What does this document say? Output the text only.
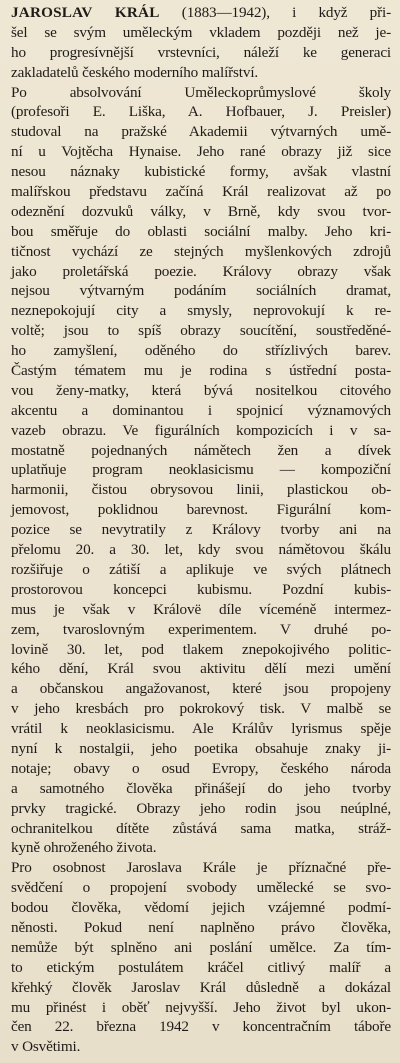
JAROSLAV KRÁL (1883—1942), i když při-
šel se svým uměleckým vkladem později než je-
ho progresívnější vrstevníci, náleží ke generaci
zakladatelů českého moderního malířství.
Po absolvování Uměleckoprůmyslové školy
(profesoři E. Liška, A. Hofbauer, J. Preisler)
studoval na pražské Akademii výtvarných umě-
ní u Vojtěcha Hynaise. Jeho rané obrazy již sice
nesou náznaky kubistické formy, avšak vlastní
malířskou představu začíná Král realizovat až po
odeznění dozvuků války, v Brně, kdy svou tvor-
bou směřuje do oblasti sociální malby. Jeho kri-
tičnost vychází ze stejných myšlenkových zdrojů
jako proletářská poezie. Královy obrazy však
nejsou výtvarným podáním sociálních dramat,
neznepokojují city a smysly, neprovokují k re-
voltě; jsou to spíš obrazy soucítění, soustředěné-
ho zamyšlení, oděného do střízlivých barev.
Častým tématem mu je rodina s ústřední posta-
vou ženy-matky, která bývá nositelkou citového
akcentu a dominantou i spojnicí významových
vazeb obrazu. Ve figurálních kompozicích i v sa-
mostatně pojednaných námětech žen a dívek
uplatňuje program neoklasicismu — kompoziční
harmonii, čistou obrysovou linii, plastickou ob-
jemovost, poklidnou barevnost. Figurální kom-
pozice se nevytratily z Královy tvorby ani na
přelomu 20. a 30. let, kdy svou námětovou škálu
rozšiřuje o zátiší a aplikuje ve svých plátnech
prostorovou koncepci kubismu. Pozdní kubis-
mus je však v Královë díle víceméně intermez-
zem, tvaroslovným experimentem. V druhé po-
lovině 30. let, pod tlakem znepokojivého politic-
kého dění, Král svou aktivitu dělí mezi umění
a občanskou angažovanost, které jsou propojeny
v jeho kresbách pro pokrokový tisk. V malbě se
vrátil k neoklasicismu. Ale Králův lyrismus spěje
nyní k nostalgii, jeho poetika obsahuje znaky ji-
notaje; obavy o osud Evropy, českého národa
a samotného člověka přinášejí do jeho tvorby
prvky tragické. Obrazy jeho rodin jsou neúplné,
ochranitelkou dítěte zůstává sama matka, stráž-
kyně ohroženého života.
Pro osobnost Jaroslava Krále je příznačné pře-
svědčení o propojení svobody umělecké se svo-
bodou člověka, vědomí jejich vzájemné podmí-
něnosti. Pokud není naplněno právo člověka,
nemůže být splněno ani poslání umělce. Za tím-
to etickým postulátem kráčel citlivý malíř a
křehký člověk Jaroslav Král důsledně a dokázal
mu přinést i oběť nejvyšší. Jeho život byl ukon-
čen 22. března 1942 v koncentračním táboře
v Osvětimi.
